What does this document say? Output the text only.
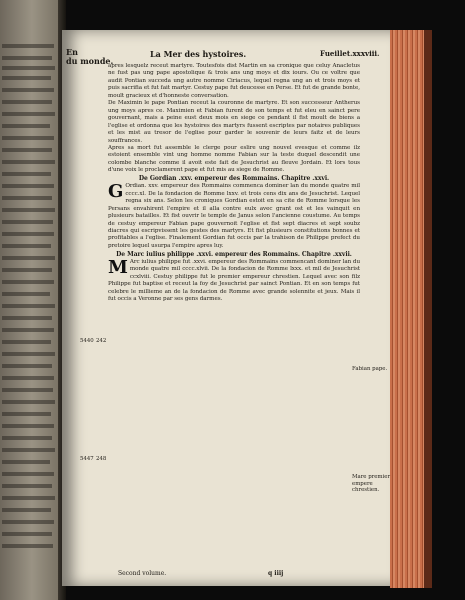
En
du monde.
La Mer des hystoires.	Fueillet.xxxviii.
5440 242
5447 248
Fabian pape.
Mare premier empere chrestien.

apres lesquelz receut martyre. Toutesfois dist Martin en sa cronique que celuy Anacletus ne fust pas ung pape apostolique & trois ans ung moys et dix iours. Ou ce voltre que audit Pontian succeda ung autre nomme Ciriacus, lequel regna ung an et trois moys et puis sacrifia et fut fait martyr. Cestuy pape fut deucesse en Perse. Et fut de grande bonte, moult gracieux et d'honneste conversation.

De Maximin le pape Pontian receut la couronne de martyre. Et son successeur Antherus ung moys apres ce. Maximien et Fabian furent de son temps et fut eleu en sainct pere gouvernant, mais a peine eust deux mois en siege ce pendant il fist moult de biens a l'eglise et ordonna que les hystoires des martyrs fussent escriptes par notaires publiques et les mist au tresor de l'eglise pour garder le souvenir de leurs faitz et de leurs souffrances.

Apres sa mort fut assemble le clerge pour eslire ung nouvel evesque et comme ilz estoient ensemble vint ung homme nomme Fabian sur la teste duquel descendit une colombe blanche comme il avoit este fait de Jesuchrist au fleuve Jordain. Et lors tous d'une voix le proclamerent pape et fut mis au siege de Romme.

De Gordian .xxv. empereur des Rommains. Chapitre .xxvi.

G Ordian. xxv. empereur des Rommains commenca dominer lan du monde quatre mil cccc.xl. De la fondacion de Romme lxxv. et trois cens dix ans de Jesuchrist. Lequel regna six ans. Selon les croniques Gordian estoit en sa cite de Romme lorsque les Persans envahirent l'empire et il alla contre eulx avec grant ost et les vainquit en plusieurs batailles. Et fist ouvrir le temple de Janus selon l'ancienne coustume. Au temps de cestuy empereur Fabian pape gouvernoit l'eglise et fist sept diacres et sept soubz diacres qui escripvissent les gestes des martyrs. Et fist plusieurs constitutions bonnes et profitables a l'eglise. Finalement Gordian fut occis par la trahison de Philippe prefect du pretoire lequel usurpa l'empire apres luy.

De Marc iulius philippe .xxvi. empereur des Rommains. Chapitre .xxvii.

M Arc iulius philippe fut .xxvi. empereur des Rommains commencant dominer lan du monde quatre mil cccc.xlvii. De la fondacion de Romme lxxx. et mil de Jesuchrist ccxlviii. Cestuy philippe fut le premier empereur chrestien. Lequel avec son filz Philippe fut baptise et receut la foy de Jesuchrist par sainct Pontian. Et en son temps fut celebre le millieme an de la fondacion de Romme avec grande solennite et jeux. Mais il fut occis a Veronne par ses gens darmes.

Second volume.	q iiij
